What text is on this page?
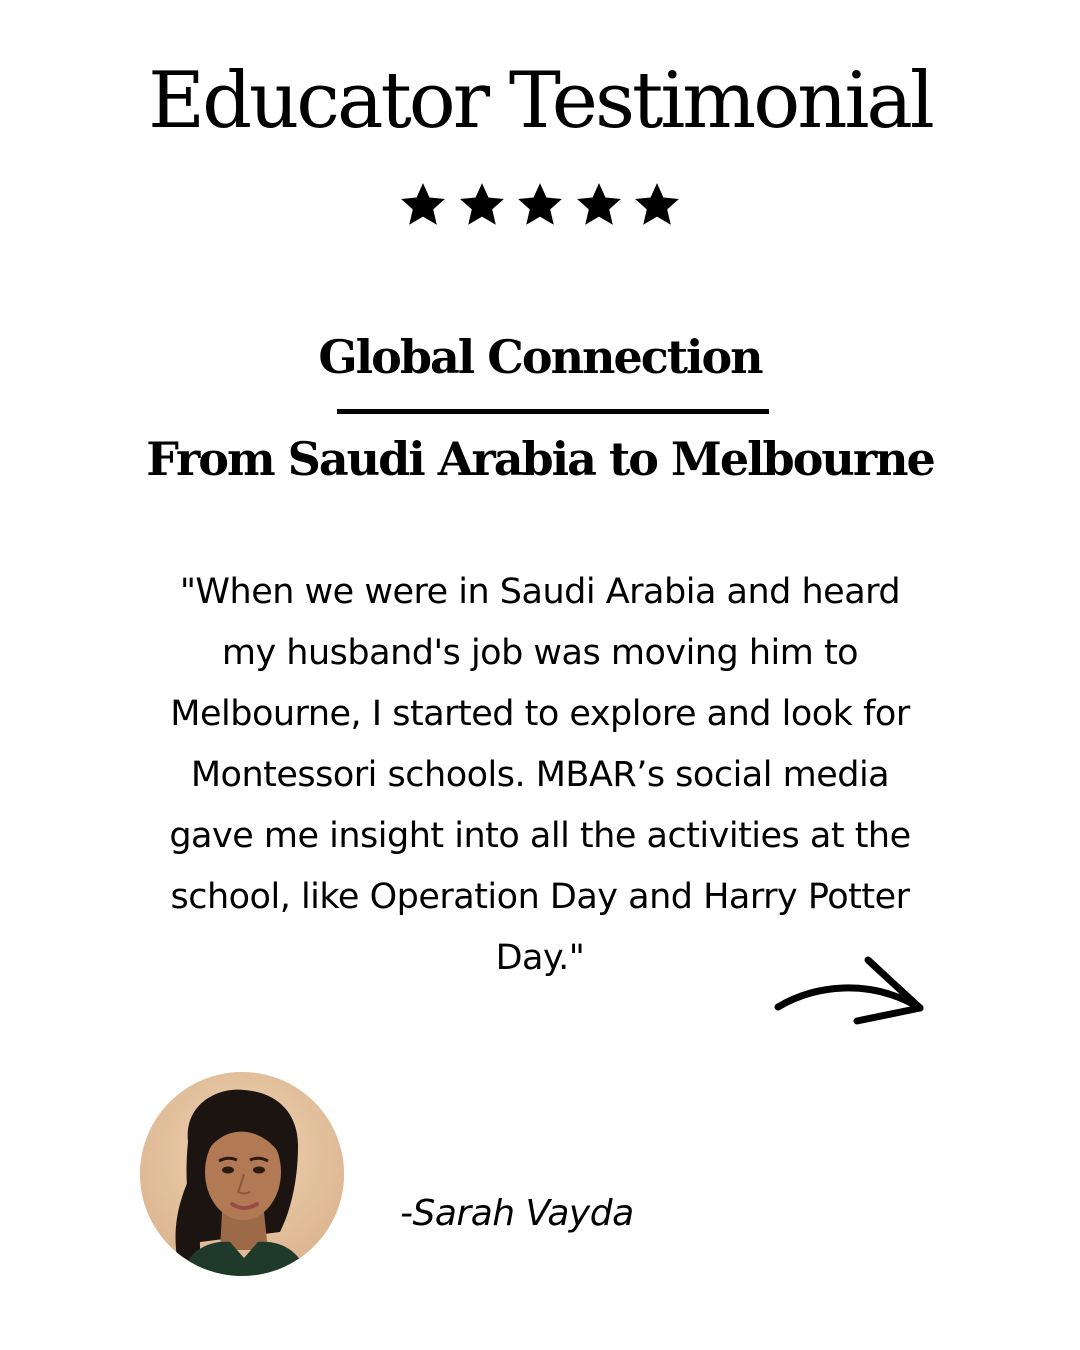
Educator Testimonial
Global Connection
From Saudi Arabia to Melbourne
"When we were in Saudi Arabia and heard my husband's job was moving him to Melbourne, I started to explore and look for Montessori schools. MBAR’s social media gave me insight into all the activities at the school, like Operation Day and Harry Potter Day."
-Sarah Vayda
